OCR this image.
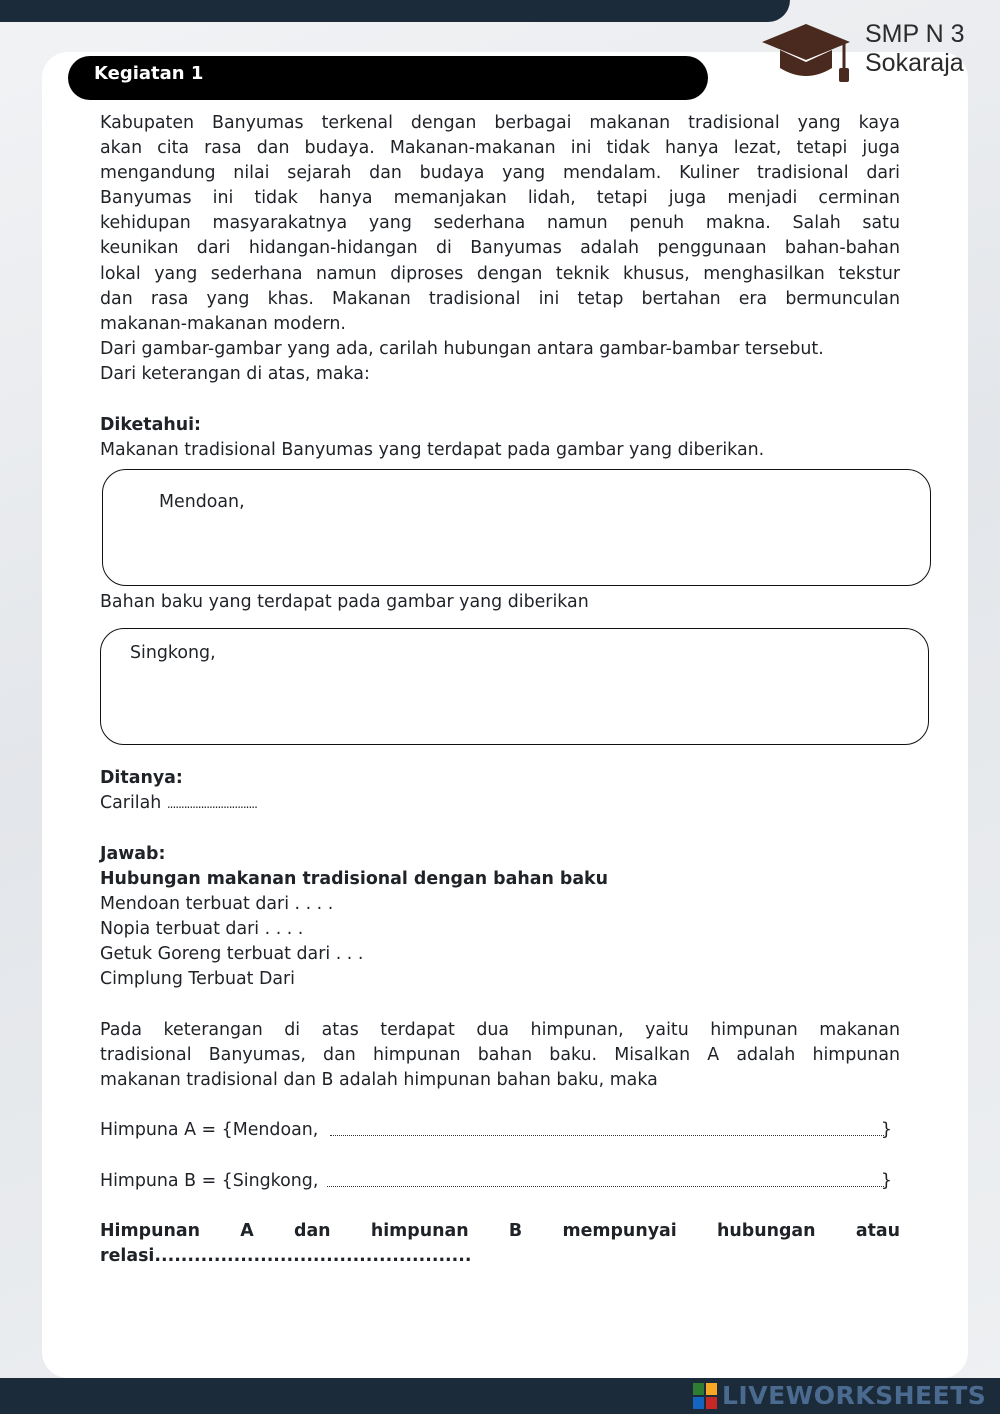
SMP N 3
Sokaraja
Kegiatan 1
Kabupaten Banyumas terkenal dengan berbagai makanan tradisional yang kaya
akan cita rasa dan budaya. Makanan-makanan ini tidak hanya lezat, tetapi juga
mengandung nilai sejarah dan budaya yang mendalam. Kuliner tradisional dari
Banyumas ini tidak hanya memanjakan lidah, tetapi juga menjadi cerminan
kehidupan masyarakatnya yang sederhana namun penuh makna. Salah satu
keunikan dari hidangan-hidangan di Banyumas adalah penggunaan bahan-bahan
lokal yang sederhana namun diproses dengan teknik khusus, menghasilkan tekstur
dan rasa yang khas. Makanan tradisional ini tetap bertahan era bermunculan
makanan-makanan modern.
Dari gambar-gambar yang ada, carilah hubungan antara gambar-bambar tersebut.
Dari keterangan di atas, maka:
Diketahui:
Makanan tradisional Banyumas yang terdapat pada gambar yang diberikan.
Mendoan,
Bahan baku yang terdapat pada gambar yang diberikan
Singkong,
Ditanya:
Carilah ................................
Jawab:
Hubungan makanan tradisional dengan bahan baku
Mendoan terbuat dari . . . .
Nopia terbuat dari . . . .
Getuk Goreng terbuat dari . . .
Cimplung Terbuat Dari
Pada keterangan di atas terdapat dua himpunan, yaitu himpunan makanan
tradisional Banyumas, dan himpunan bahan baku. Misalkan A adalah himpunan
makanan tradisional dan B adalah himpunan bahan baku, maka
Himpuna A = {Mendoan,	}
Himpuna B = {Singkong,	}
Himpunan A dan himpunan B mempunyai hubungan atau
relasi................................................
LIVEWORKSHEETS
